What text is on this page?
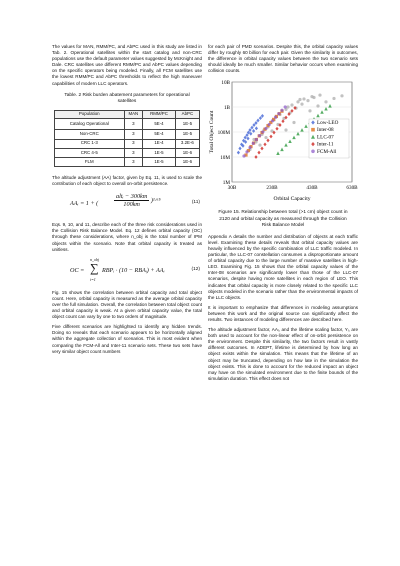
The values for MAN, RMM/PC, and AbPC used in this study are listed in Tab. 2. Operational satellites within the start catalog and non-CRC populations use the default parameter values suggested by McKnight and Dale. CRC satellites use different RMM/PC and AbPC values depending on the specific operators being modeled. Finally, all FCM satellites use the lowest RMM/PC and AbPC thresholds to reflect the high maneuver capabilities of modern LLC operators.

Table. 2 Risk burden abatement parameters for operational satellites
Population	MAN	RMM/PC	AbPC
Catalog Operational	3	5E-4	1E-5
Non-CRC	3	5E-4	1E-5
CRC 1-3	3	1E-4	3.2E-6
CRC 4-5	3	1E-5	1E-6
FLM	3	1E-5	1E-6

The altitude adjustment (AA) factor, given by Eq. 11, is used to scale the contribution of each object to overall on-orbit persistence.

AAᵢ = 1 + (	$\frac{\text{altᵢ − 300km}}{100km} )^1\cdot^{65}$	(11)

Eqs. 9, 10, and 11, describe each of the three risk considerations used in the Collision Risk Balance Model. Eq. 12 defines orbital capacity (OC) through these considerations, where n_obj is the total number of IPM objects within the scenario. Note that orbital capacity is treated as unitless.

OC =
n_obj
∑
i=1
RBPᵢ · (10 − RBAᵢ) + AAᵢ	(12)

Fig. 15 shows the correlation between orbital capacity and total object count. Here, orbital capacity is measured as the average orbital capacity over the full simulation. Overall, the correlation between total object count and orbital capacity is weak. At a given orbital capacity value, the total object count can vary by one to two orders of magnitude.

Five different scenarios are highlighted to identify any hidden trends. Doing so reveals that each scenario appears to be horizontally aligned within the aggregate collection of scenarios. This is most evident when comparing the FCM-All and Inter-11 scenario sets. These two sets have very similar object count numbers

for each pair of PMD scenarios. Despite this, the orbital capacity values differ by roughly 60 billion for each pair. Given the similarity in outcomes, the difference in orbital capacity values between the two scenario sets should ideally be much smaller. Similar behavior occurs when examining collision counts.

30B	230B	430B	630B
1M
10M
100M
1B
10B
Orbital Capacity
Total Object Count	Low-LEO
Inter-08
LLC-07
Inter-11
FCM-All
Figure 15. Relationship between total (>1 cm) object count in 2120 and orbital capacity as measured through the Collision Risk Balance Model

Appendix A details the number and distribution of objects at each traffic level. Examining these details reveals that orbital capacity values are heavily influenced by the specific combination of LLC traffic modeled. In particular, the LLC-07 constellation consumes a disproportionate amount of orbital capacity due to the large number of massive satellites in high-LEO. Examining Fig. 15 shows that the orbital capacity values of the Inter-08 scenarios are significantly lower than those of the LLC-07 scenarios, despite having more satellites in each region of LEO. This indicates that orbital capacity is more closely related to the specific LLC objects modeled in the scenario rather than the environmental impacts of the LLC objects.

It is important to emphasize that differences in modeling assumptions between this work and the original source can significantly affect the results. Two instances of modeling differences are described here.

The altitude adjustment factor, AAᵢ, and the lifetime scaling factor, Yᵢ, are both used to account for the non-linear effect of on-orbit persistence on the environment. Despite this similarity, the two factors result in vastly different outcomes. In ADEPT, lifetime is determined by how long an object exists within the simulation. This means that the lifetime of an object may be truncated, depending on how late in the simulation the object exists. This is done to account for the reduced impact an object may have on the simulated environment due to the finite bounds of the simulation duration. This effect does not
